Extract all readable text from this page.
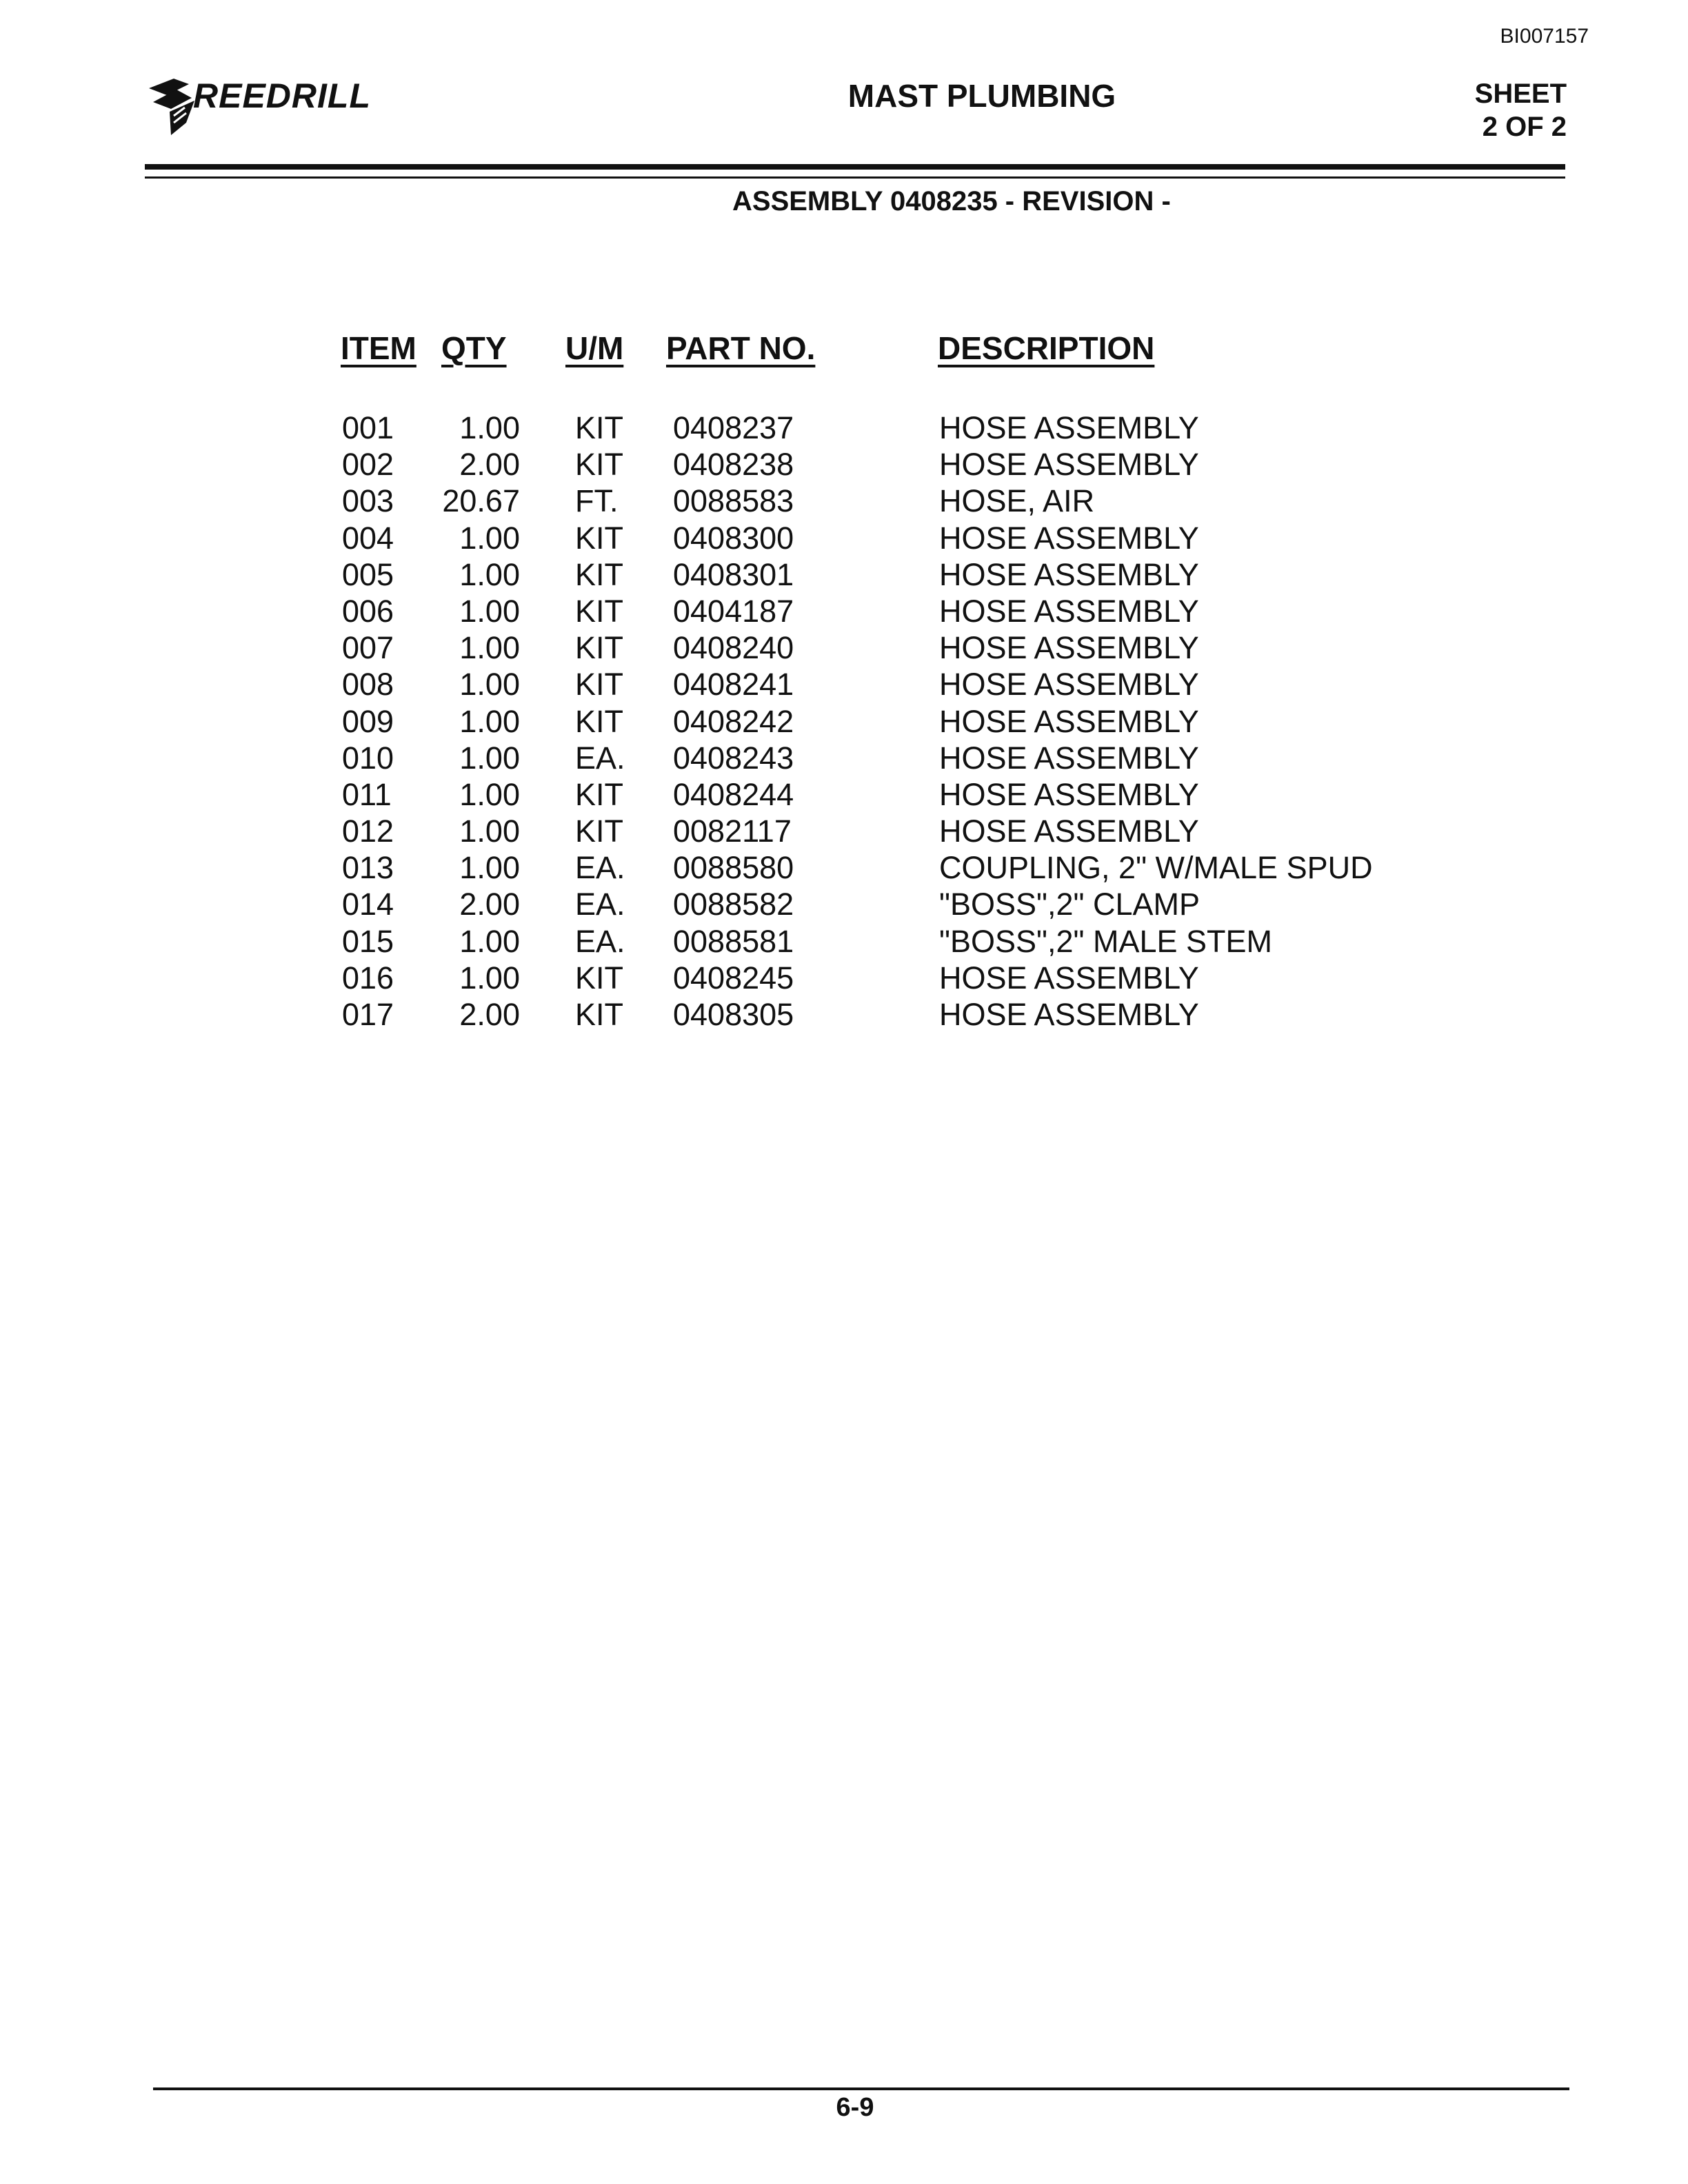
BI007157
REEDRILL	MAST PLUMBING	SHEET
2 OF 2
ASSEMBLY 0408235 - REVISION -
ITEM QTY U/M PART NO.	DESCRIPTION
001 1.00 KIT 0408237	HOSE ASSEMBLY
002 2.00 KIT 0408238	HOSE ASSEMBLY
003 20.67 FT. 0088583	HOSE, AIR
004 1.00 KIT 0408300	HOSE ASSEMBLY
005 1.00 KIT 0408301	HOSE ASSEMBLY
006 1.00 KIT 0404187	HOSE ASSEMBLY
007 1.00 KIT 0408240	HOSE ASSEMBLY
008 1.00 KIT 0408241	HOSE ASSEMBLY
009 1.00 KIT 0408242	HOSE ASSEMBLY
010 1.00 EA. 0408243	HOSE ASSEMBLY
011 1.00 KIT 0408244	HOSE ASSEMBLY
012 1.00 KIT 0082117	HOSE ASSEMBLY
013 1.00 EA. 0088580	COUPLING, 2" W/MALE SPUD
014 2.00 EA. 0088582	"BOSS",2" CLAMP
015 1.00 EA. 0088581	"BOSS",2" MALE STEM
016 1.00 KIT 0408245	HOSE ASSEMBLY
017 2.00 KIT 0408305	HOSE ASSEMBLY
6-9
